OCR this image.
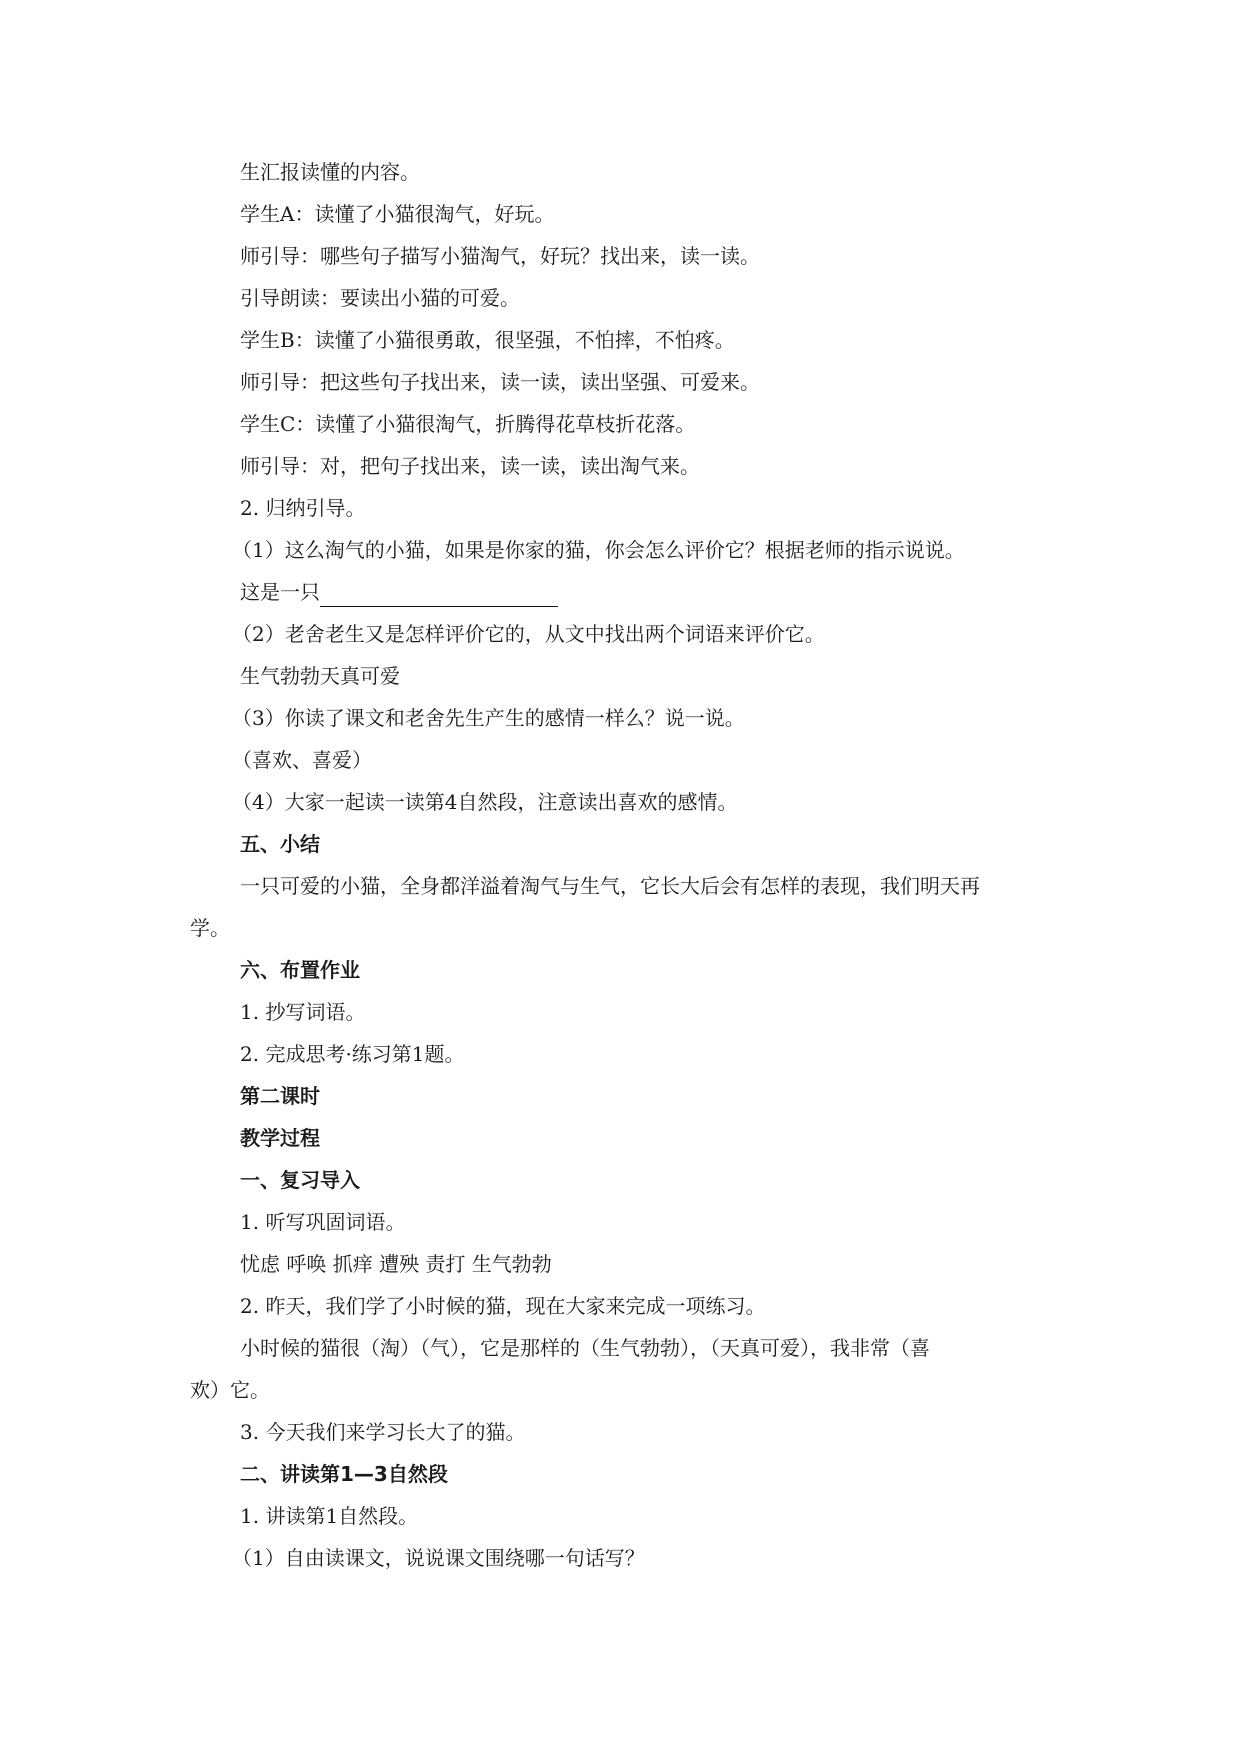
生汇报读懂的内容。
学生A：读懂了小猫很淘气，好玩。
师引导：哪些句子描写小猫淘气，好玩？找出来，读一读。
引导朗读：要读出小猫的可爱。
学生B：读懂了小猫很勇敢，很坚强，不怕摔，不怕疼。
师引导：把这些句子找出来，读一读，读出坚强、可爱来。
学生C：读懂了小猫很淘气，折腾得花草枝折花落。
师引导：对，把句子找出来，读一读，读出淘气来。
2. 归纳引导。
（1）这么淘气的小猫，如果是你家的猫，你会怎么评价它？根据老师的指示说说。
这是一只
（2）老舍老生又是怎样评价它的，从文中找出两个词语来评价它。
生气勃勃天真可爱
（3）你读了课文和老舍先生产生的感情一样么？说一说。
（喜欢、喜爱）
（4）大家一起读一读第4自然段，注意读出喜欢的感情。
五、小结
一只可爱的小猫，全身都洋溢着淘气与生气，它长大后会有怎样的表现，我们明天再
学。
六、布置作业
1. 抄写词语。
2. 完成思考·练习第1题。
第二课时
教学过程
一、复习导入
1. 听写巩固词语。
忧虑 呼唤 抓痒 遭殃 责打 生气勃勃
2. 昨天，我们学了小时候的猫，现在大家来完成一项练习。
小时候的猫很（淘）（气），它是那样的（生气勃勃），（天真可爱），我非常（喜
欢）它。
3. 今天我们来学习长大了的猫。
二、讲读第1—3自然段
1. 讲读第1自然段。
（1）自由读课文，说说课文围绕哪一句话写？
